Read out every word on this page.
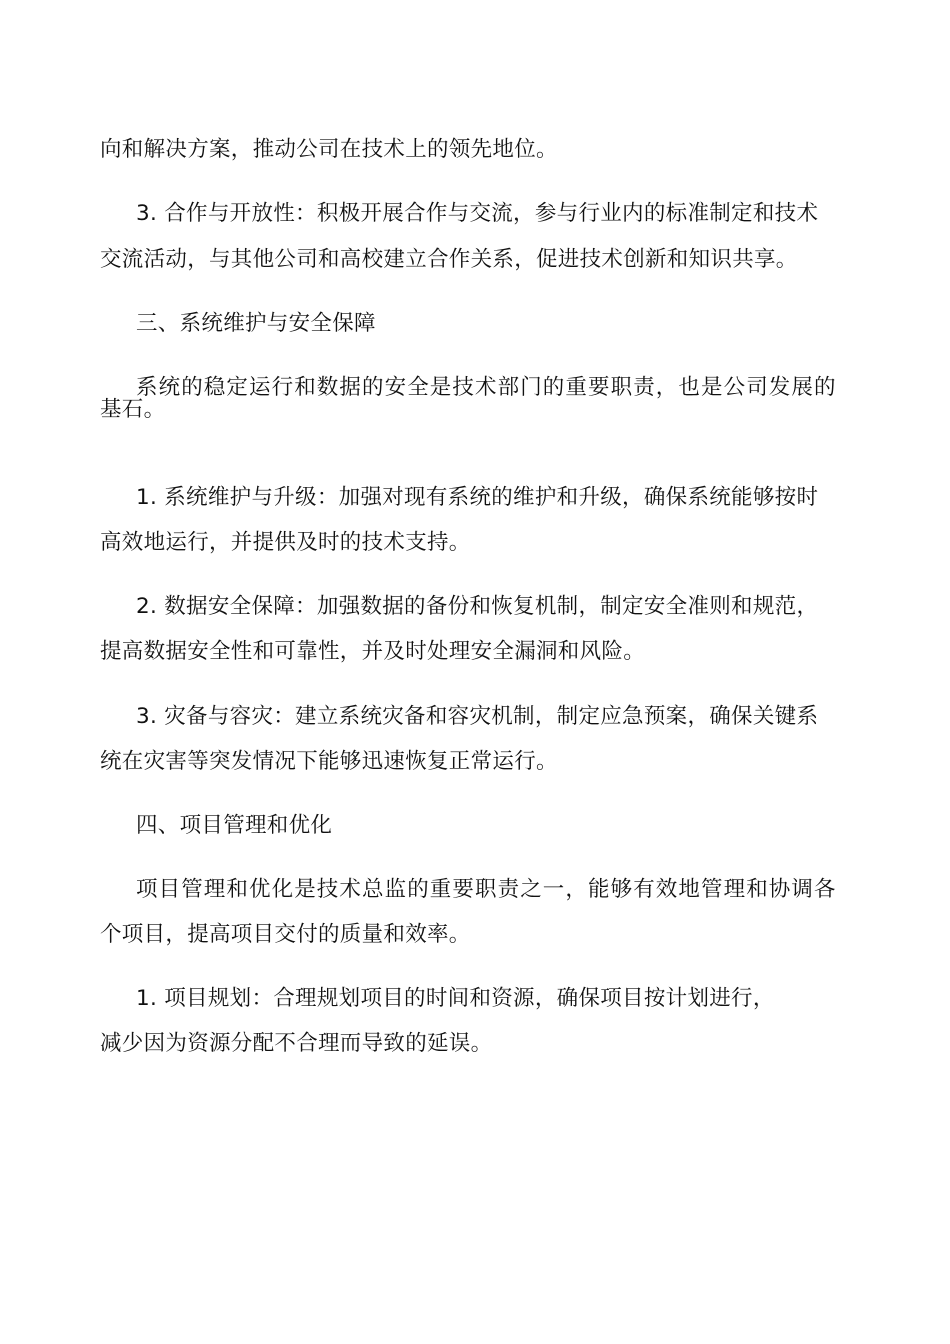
向和解决方案，推动公司在技术上的领先地位。
3. 合作与开放性：积极开展合作与交流，参与行业内的标准制定和技术
交流活动，与其他公司和高校建立合作关系，促进技术创新和知识共享。
三、系统维护与安全保障
系统的稳定运行和数据的安全是技术部门的重要职责，也是公司发展的
基石。
1. 系统维护与升级：加强对现有系统的维护和升级，确保系统能够按时
高效地运行，并提供及时的技术支持。
2. 数据安全保障：加强数据的备份和恢复机制，制定安全准则和规范，
提高数据安全性和可靠性，并及时处理安全漏洞和风险。
3. 灾备与容灾：建立系统灾备和容灾机制，制定应急预案，确保关键系
统在灾害等突发情况下能够迅速恢复正常运行。
四、项目管理和优化
项目管理和优化是技术总监的重要职责之一，能够有效地管理和协调各
个项目，提高项目交付的质量和效率。
1. 项目规划：合理规划项目的时间和资源，确保项目按计划进行，
减少因为资源分配不合理而导致的延误。
